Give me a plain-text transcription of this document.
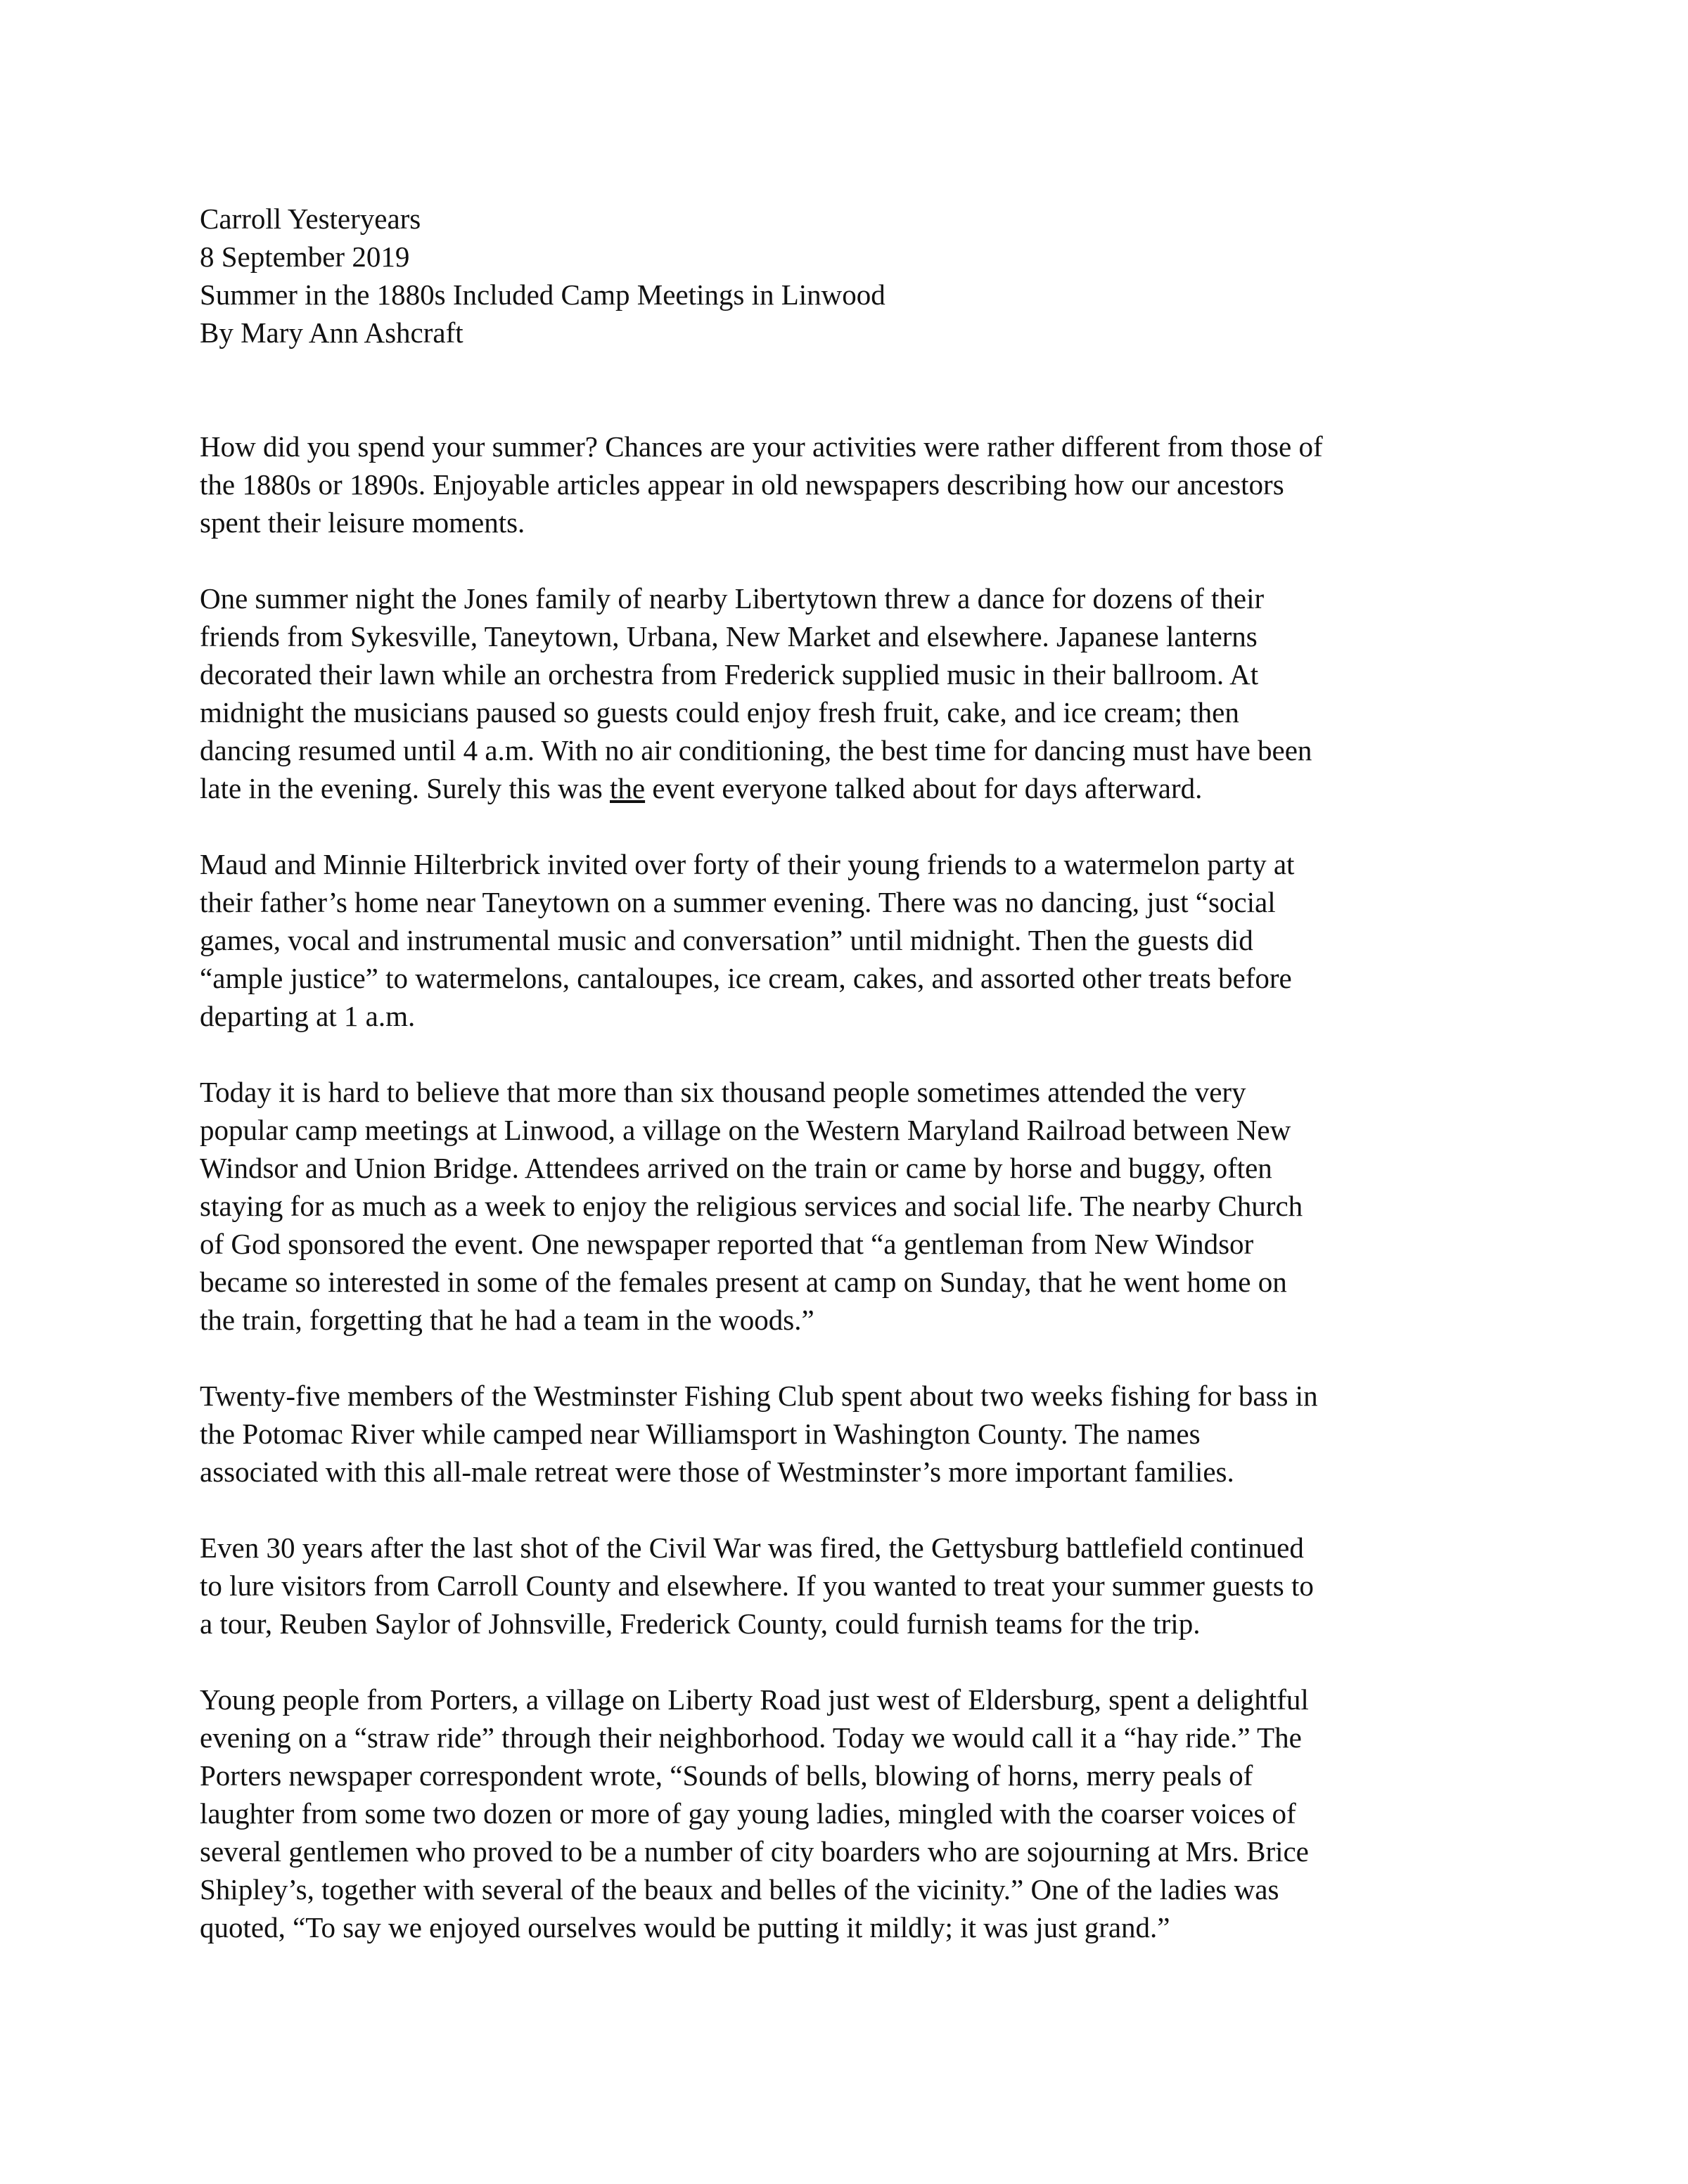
Carroll Yesteryears
8 September 2019
Summer in the 1880s Included Camp Meetings in Linwood
By Mary Ann Ashcraft

How did you spend your summer? Chances are your activities were rather different from those of
the 1880s or 1890s. Enjoyable articles appear in old newspapers describing how our ancestors
spent their leisure moments.

One summer night the Jones family of nearby Libertytown threw a dance for dozens of their
friends from Sykesville, Taneytown, Urbana, New Market and elsewhere. Japanese lanterns
decorated their lawn while an orchestra from Frederick supplied music in their ballroom. At
midnight the musicians paused so guests could enjoy fresh fruit, cake, and ice cream; then
dancing resumed until 4 a.m. With no air conditioning, the best time for dancing must have been
late in the evening. Surely this was the event everyone talked about for days afterward.

Maud and Minnie Hilterbrick invited over forty of their young friends to a watermelon party at
their father’s home near Taneytown on a summer evening. There was no dancing, just “social
games, vocal and instrumental music and conversation” until midnight. Then the guests did
“ample justice” to watermelons, cantaloupes, ice cream, cakes, and assorted other treats before
departing at 1 a.m.

Today it is hard to believe that more than six thousand people sometimes attended the very
popular camp meetings at Linwood, a village on the Western Maryland Railroad between New
Windsor and Union Bridge. Attendees arrived on the train or came by horse and buggy, often
staying for as much as a week to enjoy the religious services and social life. The nearby Church
of God sponsored the event. One newspaper reported that “a gentleman from New Windsor
became so interested in some of the females present at camp on Sunday, that he went home on
the train, forgetting that he had a team in the woods.”

Twenty-five members of the Westminster Fishing Club spent about two weeks fishing for bass in
the Potomac River while camped near Williamsport in Washington County. The names
associated with this all-male retreat were those of Westminster’s more important families.

Even 30 years after the last shot of the Civil War was fired, the Gettysburg battlefield continued
to lure visitors from Carroll County and elsewhere. If you wanted to treat your summer guests to
a tour, Reuben Saylor of Johnsville, Frederick County, could furnish teams for the trip.

Young people from Porters, a village on Liberty Road just west of Eldersburg, spent a delightful
evening on a “straw ride” through their neighborhood. Today we would call it a “hay ride.” The
Porters newspaper correspondent wrote, “Sounds of bells, blowing of horns, merry peals of
laughter from some two dozen or more of gay young ladies, mingled with the coarser voices of
several gentlemen who proved to be a number of city boarders who are sojourning at Mrs. Brice
Shipley’s, together with several of the beaux and belles of the vicinity.” One of the ladies was
quoted, “To say we enjoyed ourselves would be putting it mildly; it was just grand.”
